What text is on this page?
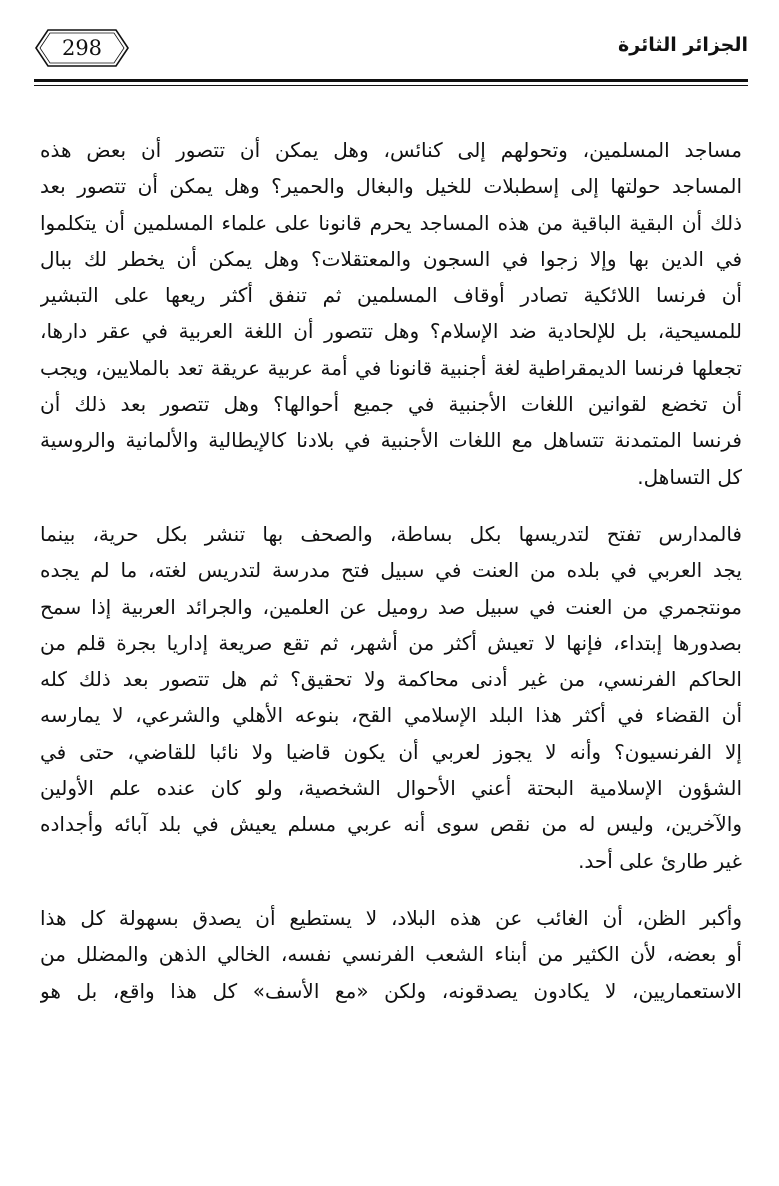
298	الجزائر الثائرة
مساجد المسلمين، وتحولهم إلى كنائس، وهل يمكن أن تتصور أن بعض هذه
المساجد حولتها إلى إسطبلات للخيل والبغال والحمير؟ وهل يمكن أن تتصور بعد
ذلك أن البقية الباقية من هذه المساجد يحرم قانونا على علماء المسلمين أن يتكلموا
في الدين بها وإلا زجوا في السجون والمعتقلات؟ وهل يمكن أن يخطر لك ببال
أن فرنسا اللائكية تصادر أوقاف المسلمين ثم تنفق أكثر ريعها على التبشير
للمسيحية، بل للإلحادية ضد الإسلام؟ وهل تتصور أن اللغة العربية في عقر دارها،
تجعلها فرنسا الديمقراطية لغة أجنبية قانونا في أمة عربية عريقة تعد بالملايين، ويجب
أن تخضع لقوانين اللغات الأجنبية في جميع أحوالها؟ وهل تتصور بعد ذلك أن
فرنسا المتمدنة تتساهل مع اللغات الأجنبية في بلادنا كالإيطالية والألمانية والروسية
كل التساهل.
فالمدارس تفتح لتدريسها بكل بساطة، والصحف بها تنشر بكل حرية، بينما
يجد العربي في بلده من العنت في سبيل فتح مدرسة لتدريس لغته، ما لم يجده
مونتجمري من العنت في سبيل صد روميل عن العلمين، والجرائد العربية إذا سمح
بصدورها إبتداء، فإنها لا تعيش أكثر من أشهر، ثم تقع صريعة إداريا بجرة قلم من
الحاكم الفرنسي، من غير أدنى محاكمة ولا تحقيق؟ ثم هل تتصور بعد ذلك كله
أن القضاء في أكثر هذا البلد الإسلامي القح، بنوعه الأهلي والشرعي، لا يمارسه
إلا الفرنسيون؟ وأنه لا يجوز لعربي أن يكون قاضيا ولا نائبا للقاضي، حتى في
الشؤون الإسلامية البحتة أعني الأحوال الشخصية، ولو كان عنده علم الأولين
والآخرين، وليس له من نقص سوى أنه عربي مسلم يعيش في بلد آبائه وأجداده
غير طارئ على أحد.
وأكبر الظن، أن الغائب عن هذه البلاد، لا يستطيع أن يصدق بسهولة كل هذا
أو بعضه، لأن الكثير من أبناء الشعب الفرنسي نفسه، الخالي الذهن والمضلل من
الاستعماريين، لا يكادون يصدقونه، ولكن «مع الأسف» كل هذا واقع، بل هو
